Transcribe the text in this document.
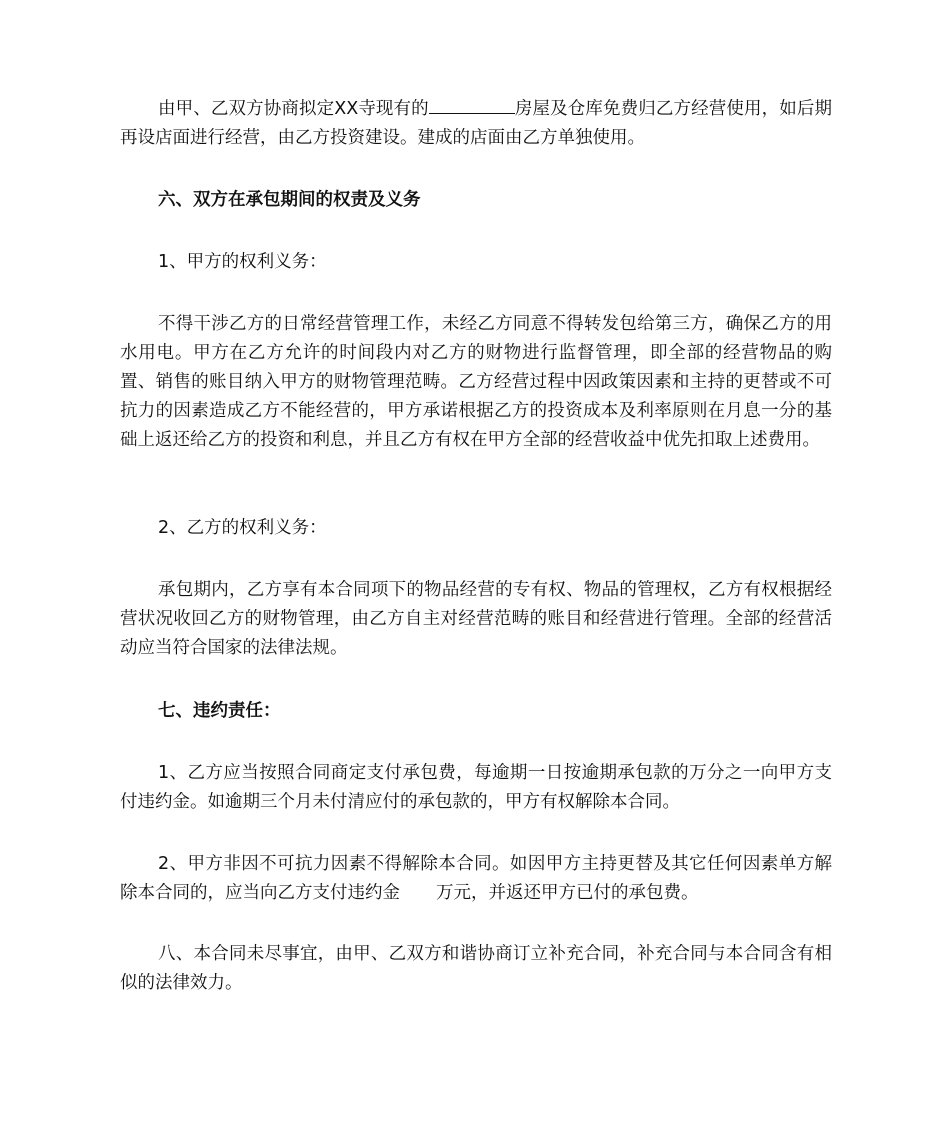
由甲、乙双方协商拟定XX寺现有的	房屋及仓库免费归乙方经营使用，如后期再设店面进行经营，由乙方投资建设。建成的店面由乙方单独使用。

六、双方在承包期间的权责及义务

1、甲方的权利义务：

不得干涉乙方的日常经营管理工作，未经乙方同意不得转发包给第三方，确保乙方的用水用电。甲方在乙方允许的时间段内对乙方的财物进行监督管理，即全部的经营物品的购置、销售的账目纳入甲方的财物管理范畴。乙方经营过程中因政策因素和主持的更替或不可抗力的因素造成乙方不能经营的，甲方承诺根据乙方的投资成本及利率原则在月息一分的基础上返还给乙方的投资和利息，并且乙方有权在甲方全部的经营收益中优先扣取上述费用。

2、乙方的权利义务：

承包期内，乙方享有本合同项下的物品经营的专有权、物品的管理权，乙方有权根据经营状况收回乙方的财物管理，由乙方自主对经营范畴的账目和经营进行管理。全部的经营活动应当符合国家的法律法规。

七、违约责任：

1、乙方应当按照合同商定支付承包费，每逾期一日按逾期承包款的万分之一向甲方支付违约金。如逾期三个月未付清应付的承包款的，甲方有权解除本合同。

2、甲方非因不可抗力因素不得解除本合同。如因甲方主持更替及其它任何因素单方解除本合同的，应当向乙方支付违约金 万元，并返还甲方已付的承包费。

八、本合同未尽事宜，由甲、乙双方和谐协商订立补充合同，补充合同与本合同含有相似的法律效力。
